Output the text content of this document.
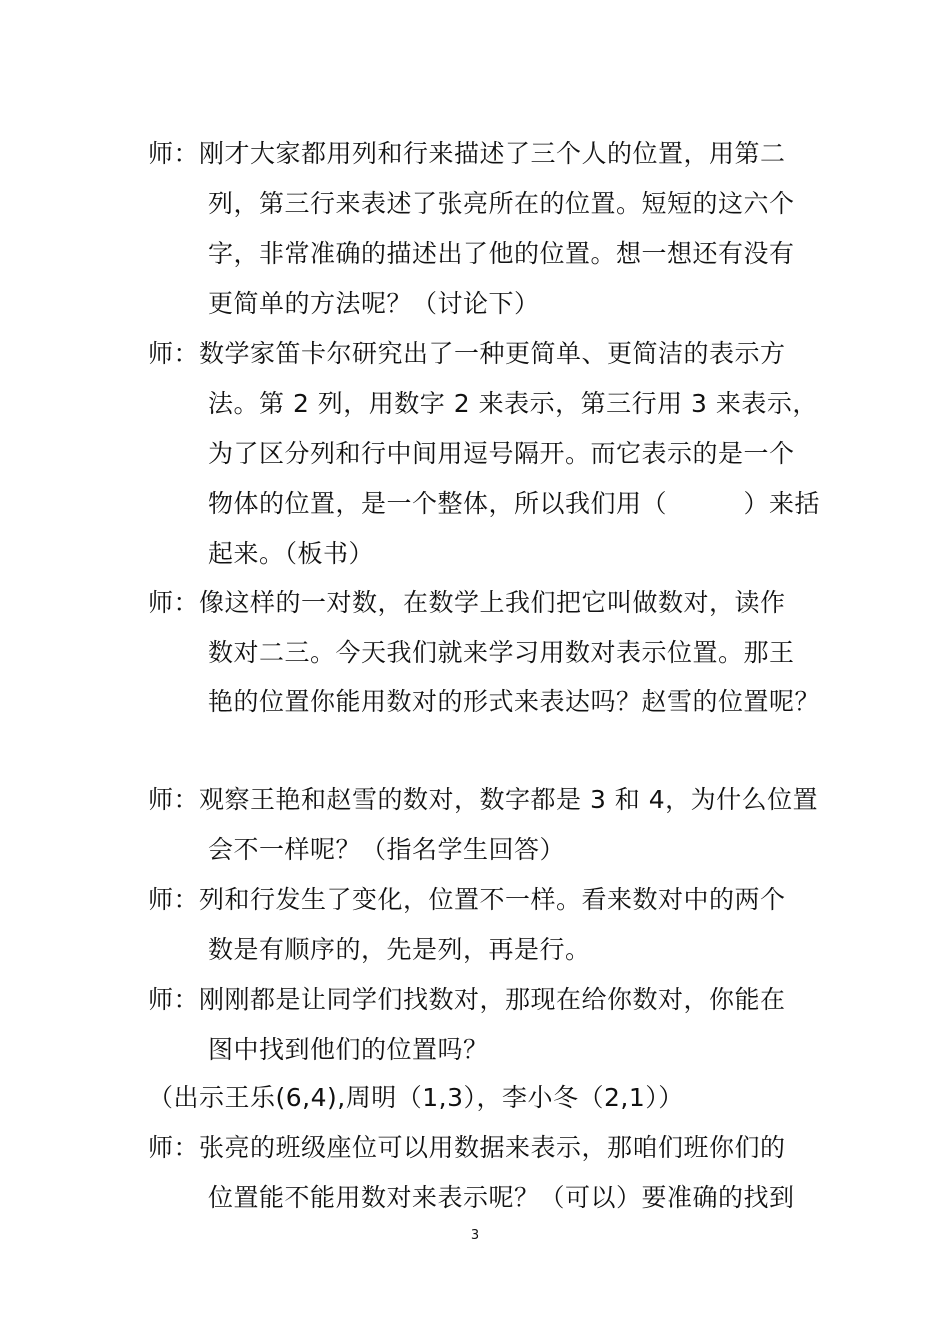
师：刚才大家都用列和行来描述了三个人的位置，用第二
列，第三行来表述了张亮所在的位置。短短的这六个
字，非常准确的描述出了他的位置。想一想还有没有
更简单的方法呢？（讨论下）
师：数学家笛卡尔研究出了一种更简单、更简洁的表示方
法。第 2 列，用数字 2 来表示，第三行用 3 来表示，
为了区分列和行中间用逗号隔开。而它表示的是一个
物体的位置，是一个整体，所以我们用（　　　）来括
起来。（板书）
师：像这样的一对数，在数学上我们把它叫做数对，读作
数对二三。今天我们就来学习用数对表示位置。那王
艳的位置你能用数对的形式来表达吗？赵雪的位置呢？
师：观察王艳和赵雪的数对，数字都是 3 和 4，为什么位置
会不一样呢？（指名学生回答）
师：列和行发生了变化，位置不一样。看来数对中的两个
数是有顺序的，先是列，再是行。
师：刚刚都是让同学们找数对，那现在给你数对，你能在
图中找到他们的位置吗？
（出示王乐(6,4),周明（1,3），李小冬（2,1））
师：张亮的班级座位可以用数据来表示，那咱们班你们的
位置能不能用数对来表示呢？（可以）要准确的找到
3
